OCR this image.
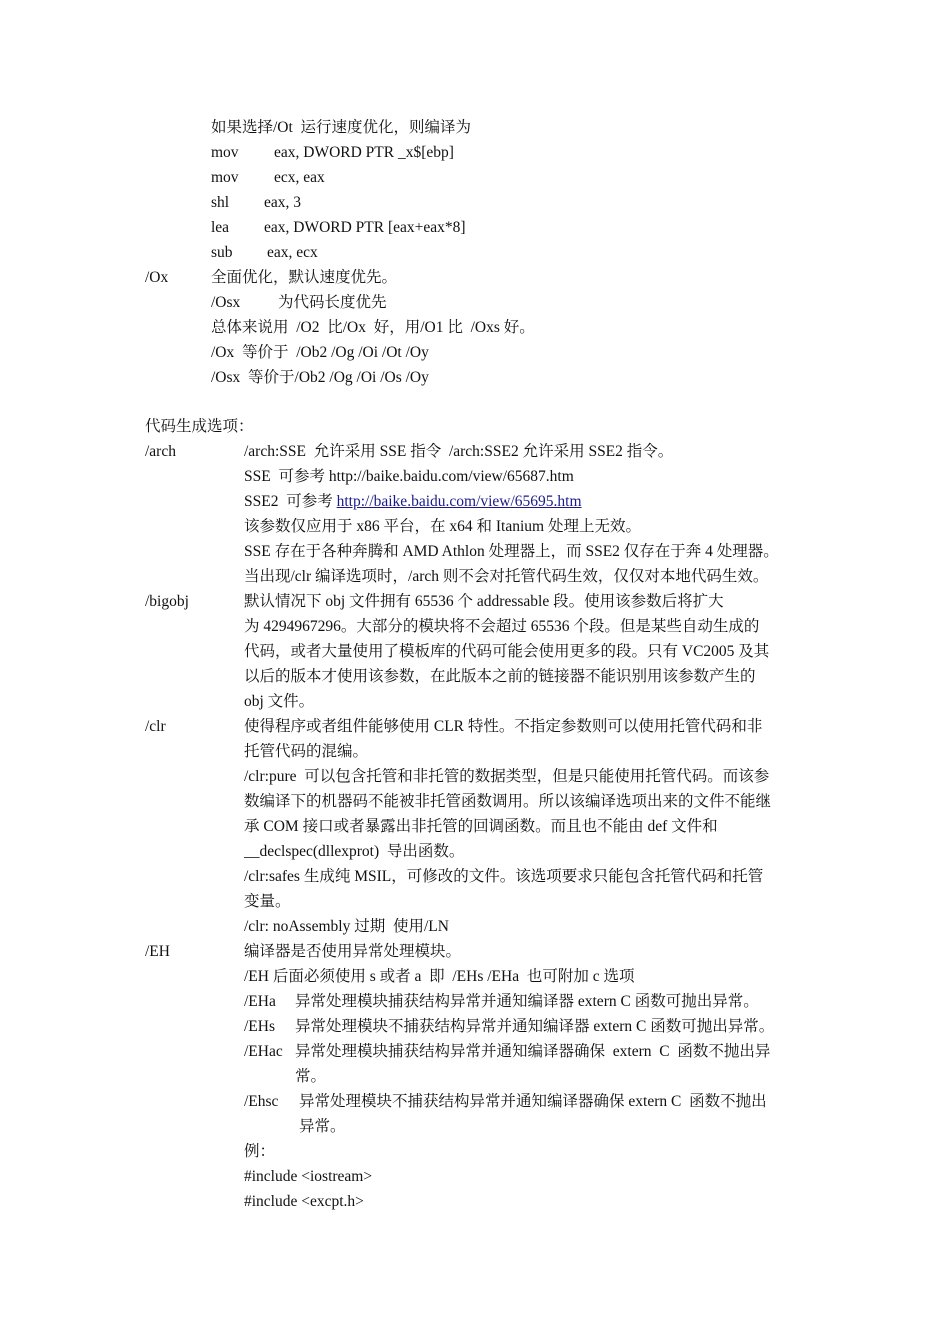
如果选择/Ot  运行速度优化，则编译为
mov eax, DWORD PTR _x$[ebp]
mov ecx, eax
shl eax, 3
lea eax, DWORD PTR [eax+eax*8]
sub eax, ecx
/Ox	全面优化，默认速度优先。
/Osx 为代码长度优先
总体来说用  /O2  比/Ox  好，用/O1 比  /Oxs 好。
/Ox  等价于  /Ob2 /Og /Oi /Ot /Oy
/Osx  等价于/Ob2 /Og /Oi /Os /Oy
代码生成选项：
/arch	/arch:SSE  允许采用 SSE 指令  /arch:SSE2 允许采用 SSE2 指令。
SSE  可参考 http://baike.baidu.com/view/65687.htm
SSE2  可参考 http://baike.baidu.com/view/65695.htm
该参数仅应用于 x86 平台，在 x64 和 Itanium 处理上无效。
SSE 存在于各种奔腾和 AMD Athlon 处理器上，而 SSE2 仅存在于奔 4 处理器。
当出现/clr 编译选项时，/arch 则不会对托管代码生效，仅仅对本地代码生效。
/bigobj	默认情况下 obj 文件拥有 65536 个 addressable 段。使用该参数后将扩大
为 4294967296。大部分的模块将不会超过 65536 个段。但是某些自动生成的
代码，或者大量使用了模板库的代码可能会使用更多的段。只有 VC2005 及其
以后的版本才使用该参数，在此版本之前的链接器不能识别用该参数产生的
obj 文件。
/clr	使得程序或者组件能够使用 CLR 特性。不指定参数则可以使用托管代码和非
托管代码的混编。
/clr:pure  可以包含托管和非托管的数据类型，但是只能使用托管代码。而该参
数编译下的机器码不能被非托管函数调用。所以该编译选项出来的文件不能继
承 COM 接口或者暴露出非托管的回调函数。而且也不能由 def 文件和
__declspec(dllexprot)  导出函数。
/clr:safes 生成纯 MSIL，可修改的文件。该选项要求只能包含托管代码和托管
变量。
/clr: noAssembly 过期  使用/LN
/EH	编译器是否使用异常处理模块。
/EH 后面必须使用 s 或者 a  即  /EHs /EHa  也可附加 c 选项
/EHa 异常处理模块捕获结构异常并通知编译器 extern C 函数可抛出异常。
/EHs 异常处理模块不捕获结构异常并通知编译器 extern C 函数可抛出异常。
/EHac 异常处理模块捕获结构异常并通知编译器确保  extern  C  函数不抛出异
常。
/Ehsc 异常处理模块不捕获结构异常并通知编译器确保 extern C  函数不抛出
异常。
例：
#include <iostream>
#include <excpt.h>
